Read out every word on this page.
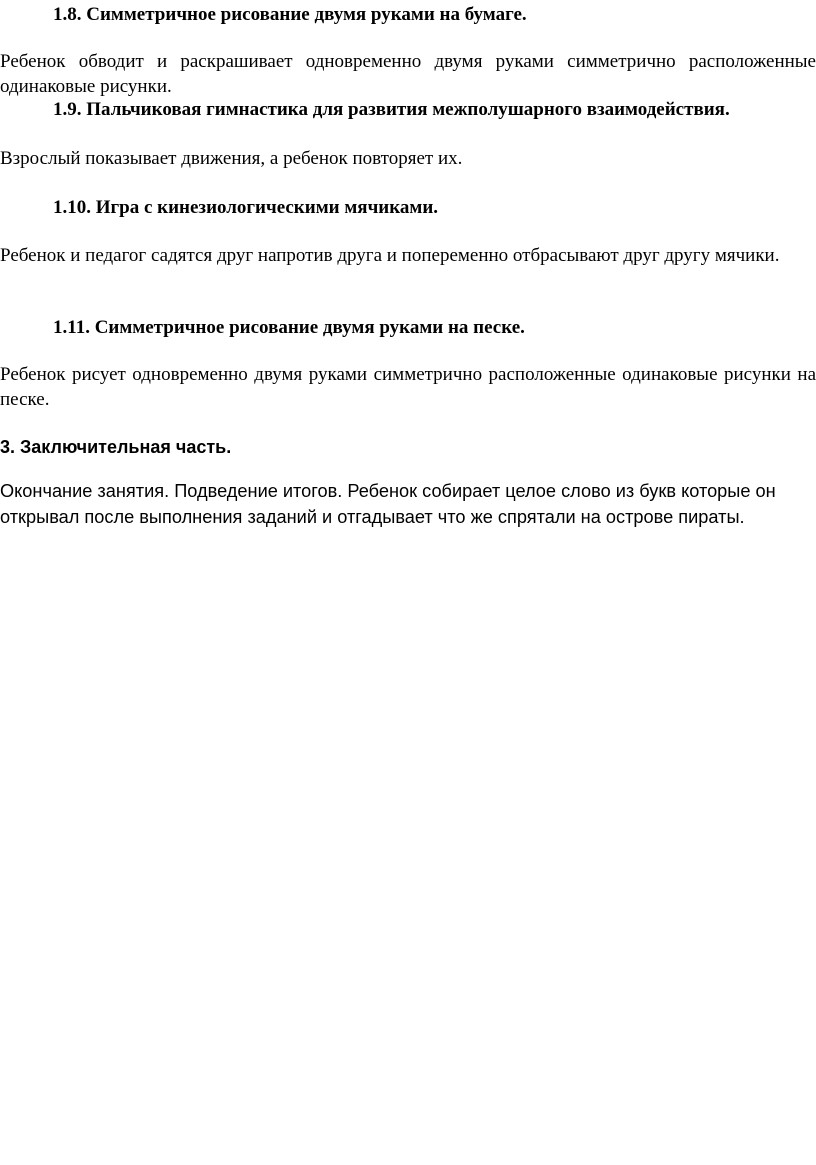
1.8. Симметричное рисование двумя руками на бумаге.

Ребенок обводит и раскрашивает одновременно двумя руками симметрично расположенные одинаковые рисунки.

1.9. Пальчиковая гимнастика для развития межполушарного взаимодействия.

Взрослый показывает движения, а ребенок повторяет их.

1.10. Игра с кинезиологическими мячиками.

Ребенок и педагог садятся друг напротив друга и попеременно отбрасывают друг другу мячики.

1.11. Симметричное рисование двумя руками на песке.

Ребенок рисует одновременно двумя руками симметрично расположенные одинаковые рисунки на песке.

3. Заключительная часть.

Окончание занятия. Подведение итогов. Ребенок собирает целое слово из букв которые он открывал после выполнения заданий и отгадывает что же спрятали на острове пираты.
